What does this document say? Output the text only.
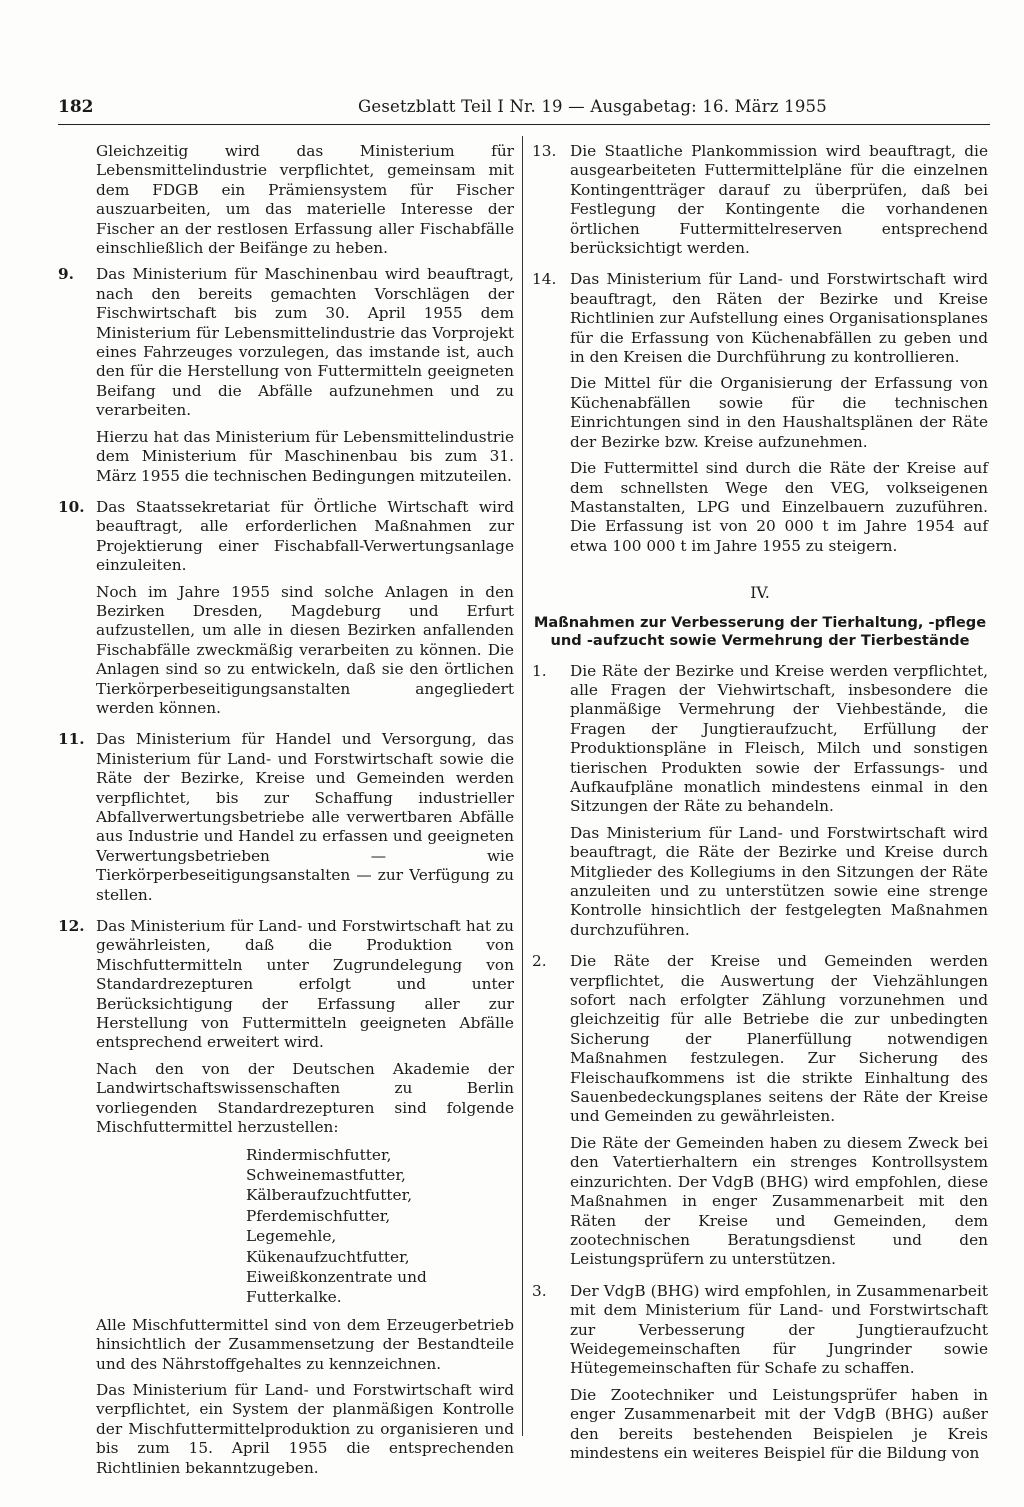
182	Gesetzblatt Teil I Nr. 19 — Ausgabetag: 16. März 1955

Gleichzeitig wird das Ministerium für Lebensmittelindustrie verpflichtet, gemeinsam mit dem FDGB ein Prämiensystem für Fischer auszuarbeiten, um das materielle Interesse der Fischer an der restlosen Erfassung aller Fischabfälle einschließlich der Beifänge zu heben.

9. Das Ministerium für Maschinenbau wird beauftragt, nach den bereits gemachten Vorschlägen der Fischwirtschaft bis zum 30. April 1955 dem Ministerium für Lebensmittelindustrie das Vorprojekt eines Fahrzeuges vorzulegen, das imstande ist, auch den für die Herstellung von Futtermitteln geeigneten Beifang und die Abfälle aufzunehmen und zu verarbeiten.

Hierzu hat das Ministerium für Lebensmittelindustrie dem Ministerium für Maschinenbau bis zum 31. März 1955 die technischen Bedingungen mitzuteilen.

10. Das Staatssekretariat für Örtliche Wirtschaft wird beauftragt, alle erforderlichen Maßnahmen zur Projektierung einer Fischabfall-Verwertungsanlage einzuleiten.

Noch im Jahre 1955 sind solche Anlagen in den Bezirken Dresden, Magdeburg und Erfurt aufzustellen, um alle in diesen Bezirken anfallenden Fischabfälle zweckmäßig verarbeiten zu können. Die Anlagen sind so zu entwickeln, daß sie den örtlichen Tierkörperbeseitigungsanstalten angegliedert werden können.

11. Das Ministerium für Handel und Versorgung, das Ministerium für Land- und Forstwirtschaft sowie die Räte der Bezirke, Kreise und Gemeinden werden verpflichtet, bis zur Schaffung industrieller Abfallverwertungsbetriebe alle verwertbaren Abfälle aus Industrie und Handel zu erfassen und geeigneten Verwertungsbetrieben — wie Tierkörperbeseitigungsanstalten — zur Verfügung zu stellen.

12. Das Ministerium für Land- und Forstwirtschaft hat zu gewährleisten, daß die Produktion von Mischfuttermitteln unter Zugrundelegung von Standardrezepturen erfolgt und unter Berücksichtigung der Erfassung aller zur Herstellung von Futtermitteln geeigneten Abfälle entsprechend erweitert wird.

Nach den von der Deutschen Akademie der Landwirtschaftswissenschaften zu Berlin vorliegenden Standardrezepturen sind folgende Mischfuttermittel herzustellen:

Rindermischfutter,
Schweinemastfutter,
Kälberaufzuchtfutter,
Pferdemischfutter,
Legemehle,
Kükenaufzuchtfutter,
Eiweißkonzentrate und
Futterkalke.

Alle Mischfuttermittel sind von dem Erzeugerbetrieb hinsichtlich der Zusammensetzung der Bestandteile und des Nährstoffgehaltes zu kennzeichnen.

Das Ministerium für Land- und Forstwirtschaft wird verpflichtet, ein System der planmäßigen Kontrolle der Mischfuttermittelproduktion zu organisieren und bis zum 15. April 1955 die entsprechenden Richtlinien bekanntzugeben.

13. Die Staatliche Plankommission wird beauftragt, die ausgearbeiteten Futtermittelpläne für die einzelnen Kontingentträger darauf zu überprüfen, daß bei Festlegung der Kontingente die vorhandenen örtlichen Futtermittelreserven entsprechend berücksichtigt werden.

14. Das Ministerium für Land- und Forstwirtschaft wird beauftragt, den Räten der Bezirke und Kreise Richtlinien zur Aufstellung eines Organisationsplanes für die Erfassung von Küchenabfällen zu geben und in den Kreisen die Durchführung zu kontrollieren.

Die Mittel für die Organisierung der Erfassung von Küchenabfällen sowie für die technischen Einrichtungen sind in den Haushaltsplänen der Räte der Bezirke bzw. Kreise aufzunehmen.

Die Futtermittel sind durch die Räte der Kreise auf dem schnellsten Wege den VEG, volkseigenen Mastanstalten, LPG und Einzelbauern zuzuführen. Die Erfassung ist von 20 000 t im Jahre 1954 auf etwa 100 000 t im Jahre 1955 zu steigern.

IV.
Maßnahmen zur Verbesserung der Tierhaltung, -pflege
und -aufzucht sowie Vermehrung der Tierbestände
1. Die Räte der Bezirke und Kreise werden verpflichtet, alle Fragen der Viehwirtschaft, insbesondere die planmäßige Vermehrung der Viehbestände, die Fragen der Jungtieraufzucht, Erfüllung der Produktionspläne in Fleisch, Milch und sonstigen tierischen Produkten sowie der Erfassungs- und Aufkaufpläne monatlich mindestens einmal in den Sitzungen der Räte zu behandeln.

Das Ministerium für Land- und Forstwirtschaft wird beauftragt, die Räte der Bezirke und Kreise durch Mitglieder des Kollegiums in den Sitzungen der Räte anzuleiten und zu unterstützen sowie eine strenge Kontrolle hinsichtlich der festgelegten Maßnahmen durchzuführen.

2. Die Räte der Kreise und Gemeinden werden verpflichtet, die Auswertung der Viehzählungen sofort nach erfolgter Zählung vorzunehmen und gleichzeitig für alle Betriebe die zur unbedingten Sicherung der Planerfüllung notwendigen Maßnahmen festzulegen. Zur Sicherung des Fleischaufkommens ist die strikte Einhaltung des Sauenbedeckungsplanes seitens der Räte der Kreise und Gemeinden zu gewährleisten.

Die Räte der Gemeinden haben zu diesem Zweck bei den Vatertierhaltern ein strenges Kontrollsystem einzurichten. Der VdgB (BHG) wird empfohlen, diese Maßnahmen in enger Zusammenarbeit mit den Räten der Kreise und Gemeinden, dem zootechnischen Beratungsdienst und den Leistungsprüfern zu unterstützen.

3. Der VdgB (BHG) wird empfohlen, in Zusammenarbeit mit dem Ministerium für Land- und Forstwirtschaft zur Verbesserung der Jungtieraufzucht Weidegemeinschaften für Jungrinder sowie Hütegemeinschaften für Schafe zu schaffen.

Die Zootechniker und Leistungsprüfer haben in enger Zusammenarbeit mit der VdgB (BHG) außer den bereits bestehenden Beispielen je Kreis mindestens ein weiteres Beispiel für die Bildung von
